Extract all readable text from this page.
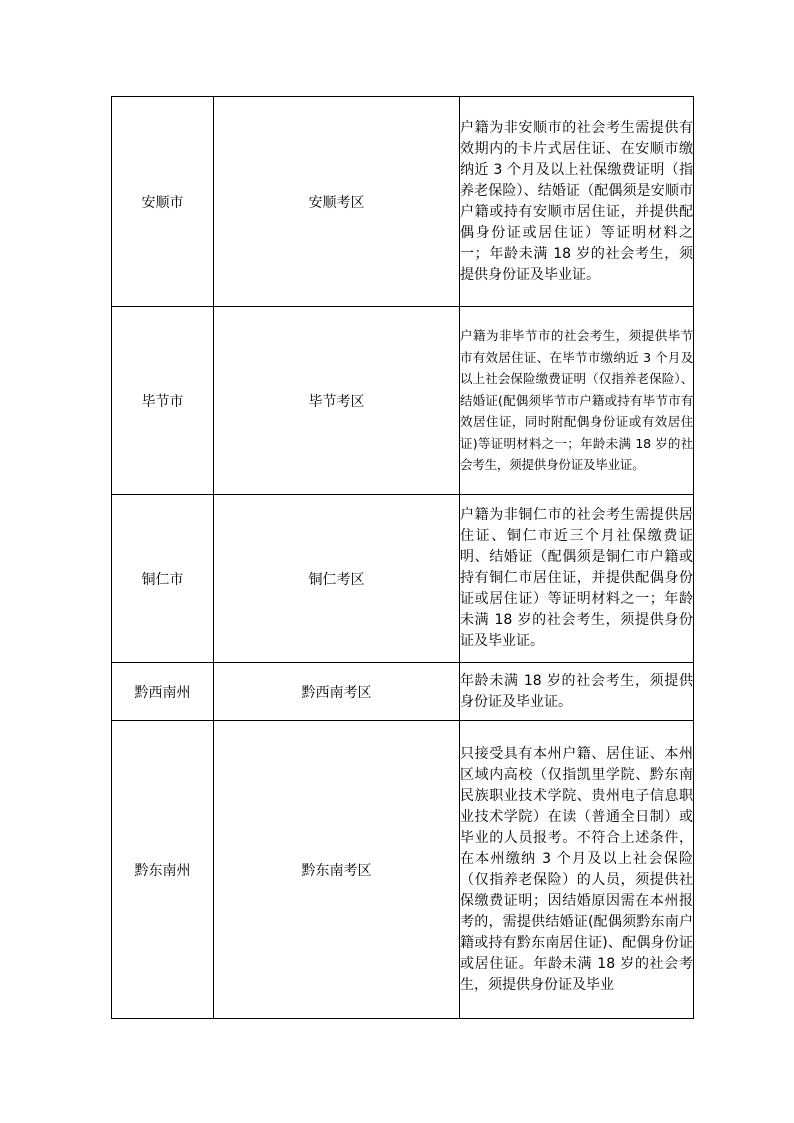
安顺市	安顺考区	户籍为非安顺市的社会考生需提供有效期内的卡片式居住证、在安顺市缴纳近 3 个月及以上社保缴费证明（指养老保险）、结婚证（配偶须是安顺市户籍或持有安顺市居住证，并提供配偶身份证或居住证）等证明材料之一；年龄未满 18 岁的社会考生，须提供身份证及毕业证。
毕节市	毕节考区	户籍为非毕节市的社会考生，须提供毕节市有效居住证、在毕节市缴纳近 3 个月及以上社会保险缴费证明（仅指养老保险）、结婚证(配偶须毕节市户籍或持有毕节市有效居住证，同时附配偶身份证或有效居住证)等证明材料之一；年龄未满 18 岁的社会考生，须提供身份证及毕业证。
铜仁市	铜仁考区	户籍为非铜仁市的社会考生需提供居住证、铜仁市近三个月社保缴费证明、结婚证（配偶须是铜仁市户籍或持有铜仁市居住证，并提供配偶身份证或居住证）等证明材料之一；年龄未满 18 岁的社会考生，须提供身份证及毕业证。
黔西南州	黔西南考区	年龄未满 18 岁的社会考生，须提供身份证及毕业证。
黔东南州	黔东南考区	只接受具有本州户籍、居住证、本州区域内高校（仅指凯里学院、黔东南民族职业技术学院、贵州电子信息职业技术学院）在读（普通全日制）或毕业的人员报考。不符合上述条件，在本州缴纳 3 个月及以上社会保险（仅指养老保险）的人员，须提供社保缴费证明；因结婚原因需在本州报考的，需提供结婚证(配偶须黔东南户籍或持有黔东南居住证)、配偶身份证或居住证。年龄未满 18 岁的社会考生，须提供身份证及毕业
